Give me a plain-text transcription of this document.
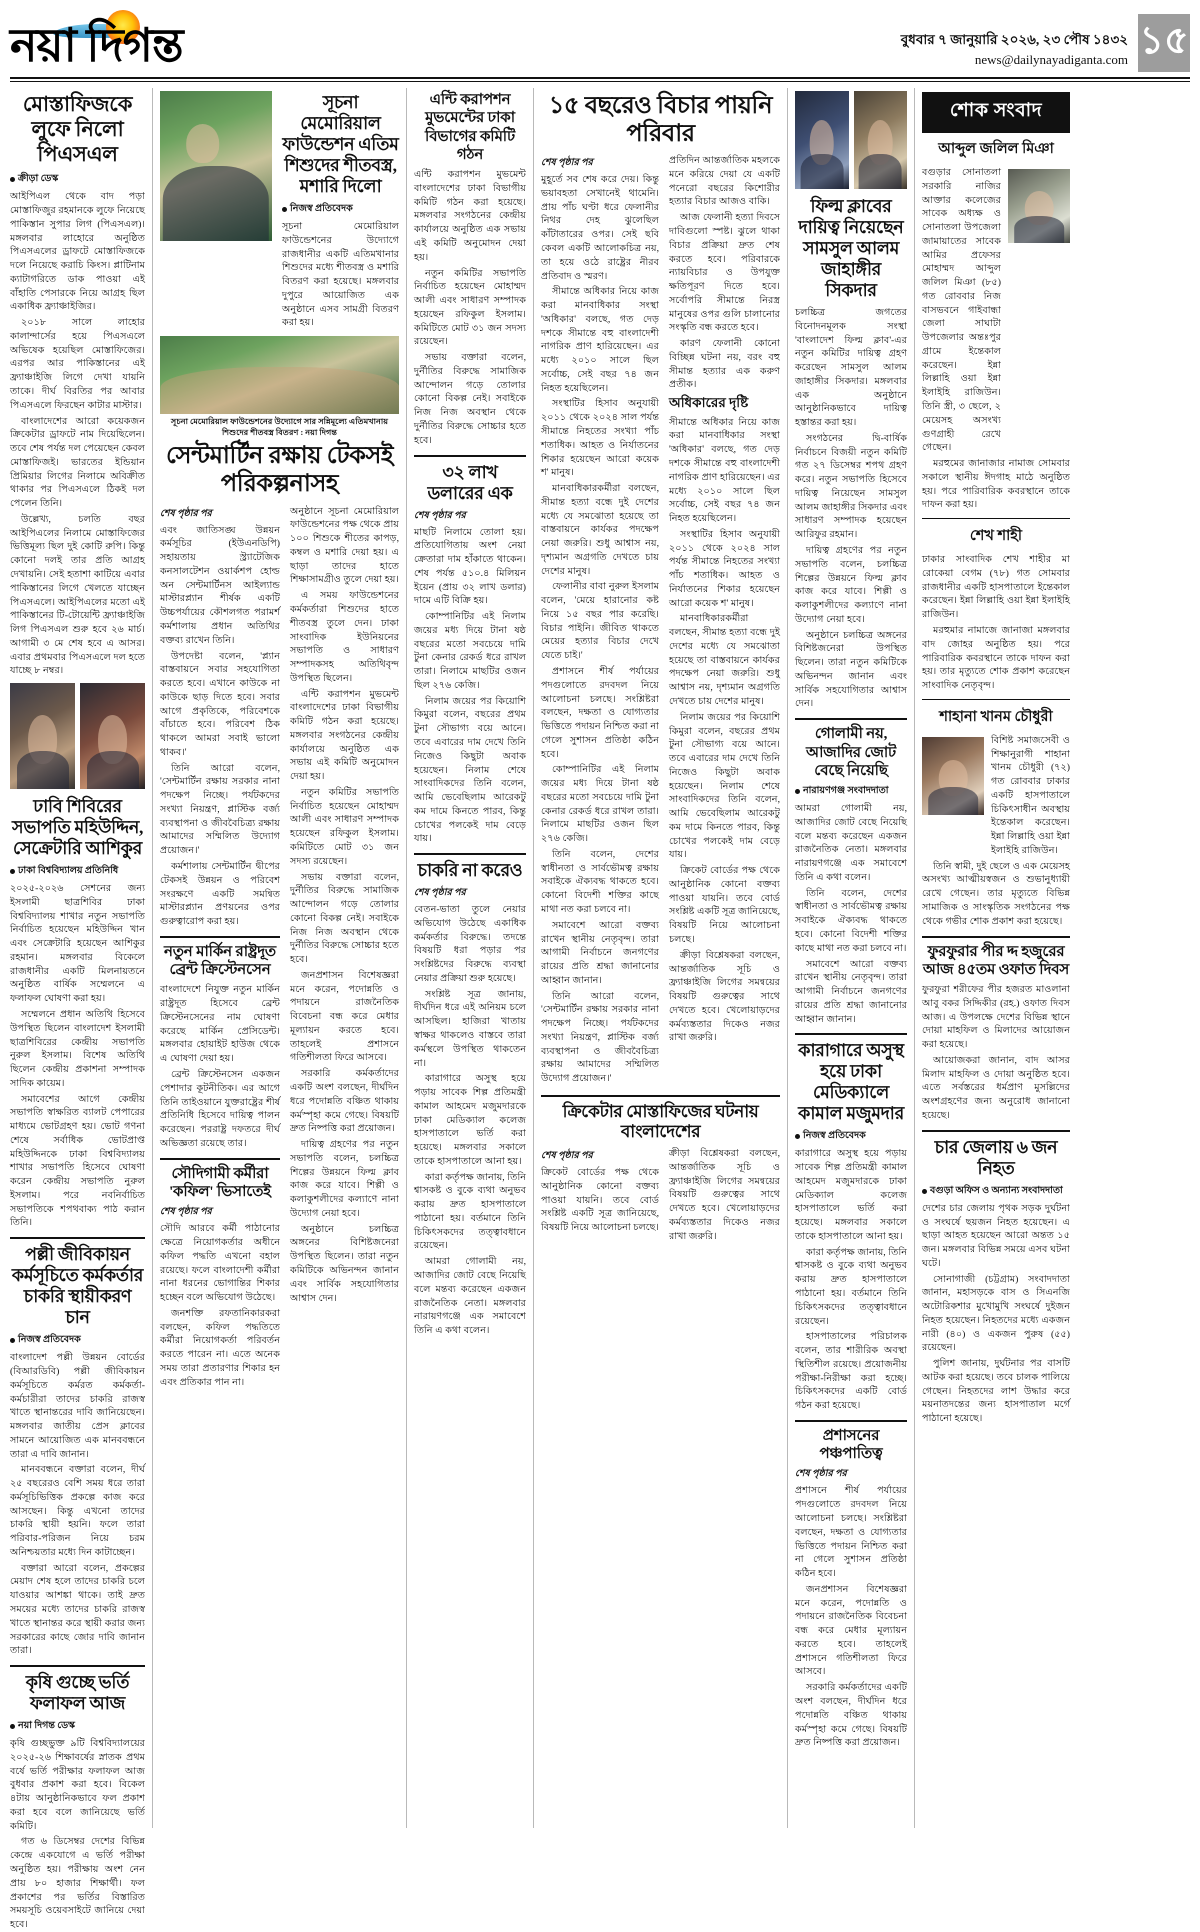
নয়া দিগন্ত	বুধবার ৭ জানুয়ারি ২০২৬, ২৩ পৌষ ১৪৩২
news@dailynayadiganta.com ১৫
মোস্তাফিজকে লুফে নিলো পিএসএল
ক্রীড়া ডেস্ক

আইপিএল থেকে বাদ পড়া মোস্তাফিজুর রহমানকে লুফে নিয়েছে পাকিস্তান সুপার লিগ (পিএসএল)। মঙ্গলবার লাহোরে অনুষ্ঠিত পিএসএলের ড্রাফটে মোস্তাফিজকে দলে নিয়েছে করাচি কিংস। প্লাটিনাম ক্যাটাগরিতে ডাক পাওয়া এই বাঁহাতি পেসারকে নিয়ে আগ্রহ ছিল একাধিক ফ্র্যাঞ্চাইজির।

২০১৮ সালে লাহোর কালান্দার্সের হয়ে পিএসএলে অভিষেক হয়েছিল মোস্তাফিজের। এরপর আর পাকিস্তানের এই ফ্র্যাঞ্চাইজি লিগে দেখা যায়নি তাকে। দীর্ঘ বিরতির পর আবার পিএসএলে ফিরছেন কাটার মাস্টার।

বাংলাদেশের আরো কয়েকজন ক্রিকেটার ড্রাফটে নাম দিয়েছিলেন। তবে শেষ পর্যন্ত দল পেয়েছেন কেবল মোস্তাফিজই। ভারতের ইন্ডিয়ান প্রিমিয়ার লিগের নিলামে অবিক্রীত থাকার পর পিএসএলে ঠিকই দল পেলেন তিনি।

উল্লেখ্য, চলতি বছর আইপিএলের নিলামে মোস্তাফিজের ভিত্তিমূল্য ছিল দুই কোটি রুপি। কিন্তু কোনো দলই তার প্রতি আগ্রহ দেখায়নি। সেই হতাশা কাটিয়ে এবার পাকিস্তানের লিগে খেলতে যাচ্ছেন পিএসএলে। আইপিএলের মতো এই পাকিস্তানের টি-টোয়েন্টি ফ্র্যাঞ্চাইজি লিগ পিএসএল শুরু হবে ২৬ মার্চ। আগামী ৩ মে শেষ হবে এ আসর। এবার প্রথমবার পিএসএলে দল হতে যাচ্ছে ৮ নম্বর।

ঢাবি শিবিরের সভাপতি মহিউদ্দিন, সেক্রেটারি আশিকুর
ঢাকা বিশ্ববিদ্যালয় প্রতিনিধি

২০২৫-২০২৬ সেশনের জন্য ইসলামী ছাত্রশিবির ঢাকা বিশ্ববিদ্যালয় শাখার নতুন সভাপতি নির্বাচিত হয়েছেন মহিউদ্দিন খান এবং সেক্রেটারি হয়েছেন আশিকুর রহমান। মঙ্গলবার বিকেলে রাজধানীর একটি মিলনায়তনে অনুষ্ঠিত বার্ষিক সম্মেলনে এ ফলাফল ঘোষণা করা হয়।

সম্মেলনে প্রধান অতিথি হিসেবে উপস্থিত ছিলেন বাংলাদেশ ইসলামী ছাত্রশিবিরের কেন্দ্রীয় সভাপতি নুরুল ইসলাম। বিশেষ অতিথি ছিলেন কেন্দ্রীয় প্রকাশনা সম্পাদক সাদিক কায়েম।

সমাবেশের আগে কেন্দ্রীয় সভাপতি স্বাক্ষরিত ব্যালট পেপারের মাধ্যমে ভোটগ্রহণ হয়। ভোট গণনা শেষে সর্বাধিক ভোটপ্রাপ্ত মহিউদ্দিনকে ঢাকা বিশ্ববিদ্যালয় শাখার সভাপতি হিসেবে ঘোষণা করেন কেন্দ্রীয় সভাপতি নুরুল ইসলাম। পরে নবনির্বাচিত সভাপতিকে শপথবাক্য পাঠ করান তিনি।

পল্লী জীবিকায়ন কর্মসূচিতে কর্মকর্তার চাকরি স্থায়ীকরণ চান
নিজস্ব প্রতিবেদক

বাংলাদেশ পল্লী উন্নয়ন বোর্ডের (বিআরডিবি) পল্লী জীবিকায়ন কর্মসূচিতে কর্মরত কর্মকর্তা-কর্মচারীরা তাদের চাকরি রাজস্ব খাতে স্থানান্তরের দাবি জানিয়েছেন। মঙ্গলবার জাতীয় প্রেস ক্লাবের সামনে আয়োজিত এক মানববন্ধনে তারা এ দাবি জানান।

মানববন্ধনে বক্তারা বলেন, দীর্ঘ ২৫ বছরেরও বেশি সময় ধরে তারা কর্মসূচিভিত্তিক প্রকল্পে কাজ করে আসছেন। কিন্তু এখনো তাদের চাকরি স্থায়ী হয়নি। ফলে তারা পরিবার-পরিজন নিয়ে চরম অনিশ্চয়তার মধ্যে দিন কাটাচ্ছেন।

বক্তারা আরো বলেন, প্রকল্পের মেয়াদ শেষ হলে তাদের চাকরি চলে যাওয়ার আশঙ্কা থাকে। তাই দ্রুত সময়ের মধ্যে তাদের চাকরি রাজস্ব খাতে স্থানান্তর করে স্থায়ী করার জন্য সরকারের কাছে জোর দাবি জানান তারা।

কৃষি গুচ্ছে ভর্তি ফলাফল আজ
নয়া দিগন্ত ডেস্ক

কৃষি গুচ্ছভুক্ত ৯টি বিশ্ববিদ্যালয়ের ২০২৫-২৬ শিক্ষাবর্ষের স্নাতক প্রথম বর্ষে ভর্তি পরীক্ষার ফলাফল আজ বুধবার প্রকাশ করা হবে। বিকেল ৪টায় আনুষ্ঠানিকভাবে ফল প্রকাশ করা হবে বলে জানিয়েছে ভর্তি কমিটি।

গত ৬ ডিসেম্বর দেশের বিভিন্ন কেন্দ্রে একযোগে এ ভর্তি পরীক্ষা অনুষ্ঠিত হয়। পরীক্ষায় অংশ নেন প্রায় ৮০ হাজার শিক্ষার্থী। ফল প্রকাশের পর ভর্তির বিস্তারিত সময়সূচি ওয়েবসাইটে জানিয়ে দেয়া হবে।

সূচনা মেমোরিয়াল ফাউন্ডেশন এতিম শিশুদের শীতবস্ত্র, মশারি দিলো
নিজস্ব প্রতিবেদক

সূচনা মেমোরিয়াল ফাউন্ডেশনের উদ্যোগে রাজধানীর একটি এতিমখানার শিশুদের মধ্যে শীতবস্ত্র ও মশারি বিতরণ করা হয়েছে। মঙ্গলবার দুপুরে আয়োজিত এক অনুষ্ঠানে এসব সামগ্রী বিতরণ করা হয়।

সূচনা মেমোরিয়াল ফাউন্ডেশনের উদ্যোগে সার সন্নিমূল্যে এতিমখানায় শিশুদের শীতবস্ত্র বিতরণ : নয়া দিগন্ত
সেন্টমার্টিন রক্ষায় টেকসই পরিকল্পনাসহ
শেষ পৃষ্ঠার পর

এবং জাতিসঙ্ঘ উন্নয়ন কর্মসূচির (ইউএনডিপি) সহায়তায় স্ট্র্যাটেজিক কনসালটেশন ওয়ার্কশপ হোল্ড অন সেন্টমার্টিনস আইল্যান্ড মাস্টারপ্ল্যান শীর্ষক একটি উচ্চপর্যায়ের কৌশলগত পরামর্শ কর্মশালায় প্রধান অতিথির বক্তব্য রাখেন তিনি।

উপদেষ্টা বলেন, 'প্ল্যান বাস্তবায়নে সবার সহযোগিতা করতে হবে। এখানে কাউকে না কাউকে ছাড় দিতে হবে। সবার আগে প্রকৃতিকে, পরিবেশকে বাঁচাতে হবে। পরিবেশ ঠিক থাকলে আমরা সবাই ভালো থাকব।'

তিনি আরো বলেন, 'সেন্টমার্টিন রক্ষায় সরকার নানা পদক্ষেপ নিচ্ছে। পর্যটকদের সংখ্যা নিয়ন্ত্রণ, প্লাস্টিক বর্জ্য ব্যবস্থাপনা ও জীববৈচিত্র্য রক্ষায় আমাদের সম্মিলিত উদ্যোগ প্রয়োজন।'

কর্মশালায় সেন্টমার্টিন দ্বীপের টেকসই উন্নয়ন ও পরিবেশ সংরক্ষণে একটি সমন্বিত মাস্টারপ্ল্যান প্রণয়নের ওপর গুরুত্বারোপ করা হয়।

নতুন মার্কিন রাষ্ট্রদূত ব্রেন্ট ক্রিস্টেনসেন

বাংলাদেশে নিযুক্ত নতুন মার্কিন রাষ্ট্রদূত হিসেবে ব্রেন্ট ক্রিস্টেনসেনের নাম ঘোষণা করেছে মার্কিন প্রেসিডেন্ট। মঙ্গলবার হোয়াইট হাউজ থেকে এ ঘোষণা দেয়া হয়।

ব্রেন্ট ক্রিস্টেনসেন একজন পেশাদার কূটনীতিক। এর আগে তিনি তাইওয়ানে যুক্তরাষ্ট্রের শীর্ষ প্রতিনিধি হিসেবে দায়িত্ব পালন করেছেন। পররাষ্ট্র দফতরে দীর্ঘ অভিজ্ঞতা রয়েছে তার।

সৌদিগামী কর্মীরা 'কফিল' ভিসাতেই
শেষ পৃষ্ঠার পর

সৌদি আরবে কর্মী পাঠানোর ক্ষেত্রে নিয়োগকর্তার অধীনে কফিল পদ্ধতি এখনো বহাল রয়েছে। ফলে বাংলাদেশী কর্মীরা নানা ধরনের ভোগান্তির শিকার হচ্ছেন বলে অভিযোগ উঠেছে।

জনশক্তি রফতানিকারকরা বলছেন, কফিল পদ্ধতিতে কর্মীরা নিয়োগকর্তা পরিবর্তন করতে পারেন না। এতে অনেক সময় তারা প্রতারণার শিকার হন এবং প্রতিকার পান না।

অনুষ্ঠানে সূচনা মেমোরিয়াল ফাউন্ডেশনের পক্ষ থেকে প্রায় ১০০ শিশুকে শীতের কাপড়, কম্বল ও মশারি দেয়া হয়। এ ছাড়া তাদের হাতে শিক্ষাসামগ্রীও তুলে দেয়া হয়।

এ সময় ফাউন্ডেশনের কর্মকর্তারা শিশুদের হাতে শীতবস্ত্র তুলে দেন। ঢাকা সাংবাদিক ইউনিয়নের সভাপতি ও সাধারণ সম্পাদকসহ অতিথিবৃন্দ উপস্থিত ছিলেন।

এন্টি করাপশন মুভমেন্ট বাংলাদেশের ঢাকা বিভাগীয় কমিটি গঠন করা হয়েছে। মঙ্গলবার সংগঠনের কেন্দ্রীয় কার্যালয়ে অনুষ্ঠিত এক সভায় এই কমিটি অনুমোদন দেয়া হয়।

নতুন কমিটির সভাপতি নির্বাচিত হয়েছেন মোহাম্মদ আলী এবং সাধারণ সম্পাদক হয়েছেন রফিকুল ইসলাম। কমিটিতে মোট ৩১ জন সদস্য রয়েছেন।

সভায় বক্তারা বলেন, দুর্নীতির বিরুদ্ধে সামাজিক আন্দোলন গড়ে তোলার কোনো বিকল্প নেই। সবাইকে নিজ নিজ অবস্থান থেকে দুর্নীতির বিরুদ্ধে সোচ্চার হতে হবে।

জনপ্রশাসন বিশেষজ্ঞরা মনে করেন, পদোন্নতি ও পদায়নে রাজনৈতিক বিবেচনা বন্ধ করে মেধার মূল্যায়ন করতে হবে। তাহলেই প্রশাসনে গতিশীলতা ফিরে আসবে।

সরকারি কর্মকর্তাদের একটি অংশ বলছেন, দীর্ঘদিন ধরে পদোন্নতি বঞ্চিত থাকায় কর্মস্পৃহা কমে গেছে। বিষয়টি দ্রুত নিষ্পত্তি করা প্রয়োজন।

দায়িত্ব গ্রহণের পর নতুন সভাপতি বলেন, চলচ্চিত্র শিল্পের উন্নয়নে ফিল্ম ক্লাব কাজ করে যাবে। শিল্পী ও কলাকুশলীদের কল্যাণে নানা উদ্যোগ নেয়া হবে।

অনুষ্ঠানে চলচ্চিত্র অঙ্গনের বিশিষ্টজনেরা উপস্থিত ছিলেন। তারা নতুন কমিটিকে অভিনন্দন জানান এবং সার্বিক সহযোগিতার আশ্বাস দেন।

এন্টি করাপশন মুভমেন্টের ঢাকা বিভাগের কমিটি গঠন

এন্টি করাপশন মুভমেন্ট বাংলাদেশের ঢাকা বিভাগীয় কমিটি গঠন করা হয়েছে। মঙ্গলবার সংগঠনের কেন্দ্রীয় কার্যালয়ে অনুষ্ঠিত এক সভায় এই কমিটি অনুমোদন দেয়া হয়।

নতুন কমিটির সভাপতি নির্বাচিত হয়েছেন মোহাম্মদ আলী এবং সাধারণ সম্পাদক হয়েছেন রফিকুল ইসলাম। কমিটিতে মোট ৩১ জন সদস্য রয়েছেন।

সভায় বক্তারা বলেন, দুর্নীতির বিরুদ্ধে সামাজিক আন্দোলন গড়ে তোলার কোনো বিকল্প নেই। সবাইকে নিজ নিজ অবস্থান থেকে দুর্নীতির বিরুদ্ধে সোচ্চার হতে হবে।

৩২ লাখ ডলারের এক
শেষ পৃষ্ঠার পর

মাছটি নিলামে তোলা হয়। প্রতিযোগিতায় অংশ নেয়া ক্রেতারা দাম হাঁকাতে থাকেন। শেষ পর্যন্ত ৫১০.৪ মিলিয়ন ইয়েন (প্রায় ৩২ লাখ ডলার) দামে এটি বিক্রি হয়।

কোম্পানিটির এই নিলাম জয়ের মধ্য দিয়ে টানা ষষ্ঠ বছরের মতো সবচেয়ে দামি টুনা কেনার রেকর্ড ধরে রাখল তারা। নিলামে মাছটির ওজন ছিল ২৭৬ কেজি।

নিলাম জয়ের পর কিয়োশি কিমুরা বলেন, বছরের প্রথম টুনা সৌভাগ্য বয়ে আনে। তবে এবারের দাম দেখে তিনি নিজেও কিছুটা অবাক হয়েছেন। নিলাম শেষে সাংবাদিকদের তিনি বলেন, আমি ভেবেছিলাম আরেকটু কম দামে কিনতে পারব, কিন্তু চোখের পলকেই দাম বেড়ে যায়।

চাকরি না করেও
শেষ পৃষ্ঠার পর

বেতন-ভাতা তুলে নেয়ার অভিযোগ উঠেছে একাধিক কর্মকর্তার বিরুদ্ধে। তদন্তে বিষয়টি ধরা পড়ার পর সংশ্লিষ্টদের বিরুদ্ধে ব্যবস্থা নেয়ার প্রক্রিয়া শুরু হয়েছে।

সংশ্লিষ্ট সূত্র জানায়, দীর্ঘদিন ধরে এই অনিয়ম চলে আসছিল। হাজিরা খাতায় স্বাক্ষর থাকলেও বাস্তবে তারা কর্মস্থলে উপস্থিত থাকতেন না।

কারাগারে অসুস্থ হয়ে পড়ায় সাবেক শিল্প প্রতিমন্ত্রী কামাল আহমেদ মজুমদারকে ঢাকা মেডিক্যাল কলেজ হাসপাতালে ভর্তি করা হয়েছে। মঙ্গলবার সকালে তাকে হাসপাতালে আনা হয়।

কারা কর্তৃপক্ষ জানায়, তিনি শ্বাসকষ্ট ও বুকে ব্যথা অনুভব করায় দ্রুত হাসপাতালে পাঠানো হয়। বর্তমানে তিনি চিকিৎসকদের তত্ত্বাবধানে রয়েছেন।

আমরা গোলামী নয়, আজাদির জোট বেছে নিয়েছি বলে মন্তব্য করেছেন একজন রাজনৈতিক নেতা। মঙ্গলবার নারায়ণগঞ্জে এক সমাবেশে তিনি এ কথা বলেন।

১৫ বছরেও বিচার পায়নি পরিবার
শেষ পৃষ্ঠার পর

মুহূর্তে সব শেষ করে দেয়। কিন্তু ভয়াবহতা সেখানেই থামেনি। প্রায় পাঁচ ঘণ্টা ধরে ফেলানীর নিথর দেহ ঝুলেছিল কাঁটাতারের ওপর। সেই ছবি কেবল একটি আলোকচিত্র নয়, তা হয়ে ওঠে রাষ্ট্রের নীরব প্রতিবাদ ও স্মরণ।

সীমান্তে অধিকার নিয়ে কাজ করা মানবাধিকার সংস্থা 'অধিকার' বলছে, গত দেড় দশকে সীমান্তে বহু বাংলাদেশী নাগরিক প্রাণ হারিয়েছেন। এর মধ্যে ২০১০ সালে ছিল সর্বোচ্চ, সেই বছর ৭৪ জন নিহত হয়েছিলেন।

সংস্থাটির হিসাব অনুযায়ী ২০১১ থেকে ২০২৪ সাল পর্যন্ত সীমান্তে নিহতের সংখ্যা পাঁচ শতাধিক। আহত ও নির্যাতনের শিকার হয়েছেন আরো কয়েক শ' মানুষ।

মানবাধিকারকর্মীরা বলছেন, সীমান্ত হত্যা বন্ধে দুই দেশের মধ্যে যে সমঝোতা হয়েছে তা বাস্তবায়নে কার্যকর পদক্ষেপ নেয়া জরুরি। শুধু আশ্বাস নয়, দৃশ্যমান অগ্রগতি দেখতে চায় দেশের মানুষ।

ফেলানীর বাবা নুরুল ইসলাম বলেন, 'মেয়ে হারানোর কষ্ট নিয়ে ১৫ বছর পার করেছি। বিচার পাইনি। জীবিত থাকতে মেয়ের হত্যার বিচার দেখে যেতে চাই।'

প্রশাসনে শীর্ষ পর্যায়ের পদগুলোতে রদবদল নিয়ে আলোচনা চলছে। সংশ্লিষ্টরা বলছেন, দক্ষতা ও যোগ্যতার ভিত্তিতে পদায়ন নিশ্চিত করা না গেলে সুশাসন প্রতিষ্ঠা কঠিন হবে।

কোম্পানিটির এই নিলাম জয়ের মধ্য দিয়ে টানা ষষ্ঠ বছরের মতো সবচেয়ে দামি টুনা কেনার রেকর্ড ধরে রাখল তারা। নিলামে মাছটির ওজন ছিল ২৭৬ কেজি।

তিনি বলেন, দেশের স্বাধীনতা ও সার্বভৌমত্ব রক্ষায় সবাইকে ঐক্যবদ্ধ থাকতে হবে। কোনো বিদেশী শক্তির কাছে মাথা নত করা চলবে না।

সমাবেশে আরো বক্তব্য রাখেন স্থানীয় নেতৃবৃন্দ। তারা আগামী নির্বাচনে জনগণের রায়ের প্রতি শ্রদ্ধা জানানোর আহ্বান জানান।

তিনি আরো বলেন, 'সেন্টমার্টিন রক্ষায় সরকার নানা পদক্ষেপ নিচ্ছে। পর্যটকদের সংখ্যা নিয়ন্ত্রণ, প্লাস্টিক বর্জ্য ব্যবস্থাপনা ও জীববৈচিত্র্য রক্ষায় আমাদের সম্মিলিত উদ্যোগ প্রয়োজন।'

প্রতিদিন আন্তর্জাতিক মহলকে মনে করিয়ে দেয়া যে একটি পনেরো বছরের কিশোরীর হত্যার বিচার আজও বাকি।

আজ ফেলানী হত্যা দিবসে দাবিগুলো স্পষ্ট। ঝুলে থাকা বিচার প্রক্রিয়া দ্রুত শেষ করতে হবে। পরিবারকে ন্যায়বিচার ও উপযুক্ত ক্ষতিপূরণ দিতে হবে। সর্বোপরি সীমান্তে নিরস্ত্র মানুষের ওপর গুলি চালানোর সংস্কৃতি বন্ধ করতে হবে।

কারণ ফেলানী কোনো বিচ্ছিন্ন ঘটনা নয়, বরং বহু সীমান্ত হত্যার এক করুণ প্রতীক।

অধিকারের দৃষ্টি

সীমান্তে অধিকার নিয়ে কাজ করা মানবাধিকার সংস্থা 'অধিকার' বলছে, গত দেড় দশকে সীমান্তে বহু বাংলাদেশী নাগরিক প্রাণ হারিয়েছেন। এর মধ্যে ২০১০ সালে ছিল সর্বোচ্চ, সেই বছর ৭৪ জন নিহত হয়েছিলেন।

সংস্থাটির হিসাব অনুযায়ী ২০১১ থেকে ২০২৪ সাল পর্যন্ত সীমান্তে নিহতের সংখ্যা পাঁচ শতাধিক। আহত ও নির্যাতনের শিকার হয়েছেন আরো কয়েক শ' মানুষ।

মানবাধিকারকর্মীরা বলছেন, সীমান্ত হত্যা বন্ধে দুই দেশের মধ্যে যে সমঝোতা হয়েছে তা বাস্তবায়নে কার্যকর পদক্ষেপ নেয়া জরুরি। শুধু আশ্বাস নয়, দৃশ্যমান অগ্রগতি দেখতে চায় দেশের মানুষ।

নিলাম জয়ের পর কিয়োশি কিমুরা বলেন, বছরের প্রথম টুনা সৌভাগ্য বয়ে আনে। তবে এবারের দাম দেখে তিনি নিজেও কিছুটা অবাক হয়েছেন। নিলাম শেষে সাংবাদিকদের তিনি বলেন, আমি ভেবেছিলাম আরেকটু কম দামে কিনতে পারব, কিন্তু চোখের পলকেই দাম বেড়ে যায়।

ক্রিকেট বোর্ডের পক্ষ থেকে আনুষ্ঠানিক কোনো বক্তব্য পাওয়া যায়নি। তবে বোর্ড সংশ্লিষ্ট একটি সূত্র জানিয়েছে, বিষয়টি নিয়ে আলোচনা চলছে।

ক্রীড়া বিশ্লেষকরা বলছেন, আন্তর্জাতিক সূচি ও ফ্র্যাঞ্চাইজি লিগের সমন্বয়ের বিষয়টি গুরুত্বের সাথে দেখতে হবে। খেলোয়াড়দের কর্মব্যস্ততার দিকেও নজর রাখা জরুরি।

ক্রিকেটার মোস্তাফিজের ঘটনায় বাংলাদেশের
শেষ পৃষ্ঠার পর

ক্রিকেট বোর্ডের পক্ষ থেকে আনুষ্ঠানিক কোনো বক্তব্য পাওয়া যায়নি। তবে বোর্ড সংশ্লিষ্ট একটি সূত্র জানিয়েছে, বিষয়টি নিয়ে আলোচনা চলছে।

ক্রীড়া বিশ্লেষকরা বলছেন, আন্তর্জাতিক সূচি ও ফ্র্যাঞ্চাইজি লিগের সমন্বয়ের বিষয়টি গুরুত্বের সাথে দেখতে হবে। খেলোয়াড়দের কর্মব্যস্ততার দিকেও নজর রাখা জরুরি।

ফিল্ম ক্লাবের দায়িত্ব নিয়েছেন সামসুল আলম জাহাঙ্গীর সিকদার

চলচ্চিত্র জগতের বিনোদনমূলক সংস্থা 'বাংলাদেশ ফিল্ম ক্লাব'-এর নতুন কমিটির দায়িত্ব গ্রহণ করেছেন সামসুল আলম জাহাঙ্গীর সিকদার। মঙ্গলবার এক অনুষ্ঠানে আনুষ্ঠানিকভাবে দায়িত্ব হস্তান্তর করা হয়।

সংগঠনের দ্বি-বার্ষিক নির্বাচনে বিজয়ী নতুন কমিটি গত ২৭ ডিসেম্বর শপথ গ্রহণ করে। নতুন সভাপতি হিসেবে দায়িত্ব নিয়েছেন সামসুল আলম জাহাঙ্গীর সিকদার এবং সাধারণ সম্পাদক হয়েছেন আরিফুর রহমান।

দায়িত্ব গ্রহণের পর নতুন সভাপতি বলেন, চলচ্চিত্র শিল্পের উন্নয়নে ফিল্ম ক্লাব কাজ করে যাবে। শিল্পী ও কলাকুশলীদের কল্যাণে নানা উদ্যোগ নেয়া হবে।

অনুষ্ঠানে চলচ্চিত্র অঙ্গনের বিশিষ্টজনেরা উপস্থিত ছিলেন। তারা নতুন কমিটিকে অভিনন্দন জানান এবং সার্বিক সহযোগিতার আশ্বাস দেন।

গোলামী নয়, আজাদির জোট বেছে নিয়েছি
নারায়ণগঞ্জ সংবাদদাতা

আমরা গোলামী নয়, আজাদির জোট বেছে নিয়েছি বলে মন্তব্য করেছেন একজন রাজনৈতিক নেতা। মঙ্গলবার নারায়ণগঞ্জে এক সমাবেশে তিনি এ কথা বলেন।

তিনি বলেন, দেশের স্বাধীনতা ও সার্বভৌমত্ব রক্ষায় সবাইকে ঐক্যবদ্ধ থাকতে হবে। কোনো বিদেশী শক্তির কাছে মাথা নত করা চলবে না।

সমাবেশে আরো বক্তব্য রাখেন স্থানীয় নেতৃবৃন্দ। তারা আগামী নির্বাচনে জনগণের রায়ের প্রতি শ্রদ্ধা জানানোর আহ্বান জানান।

কারাগারে অসুস্থ হয়ে ঢাকা মেডিক্যালে কামাল মজুমদার
নিজস্ব প্রতিবেদক

কারাগারে অসুস্থ হয়ে পড়ায় সাবেক শিল্প প্রতিমন্ত্রী কামাল আহমেদ মজুমদারকে ঢাকা মেডিক্যাল কলেজ হাসপাতালে ভর্তি করা হয়েছে। মঙ্গলবার সকালে তাকে হাসপাতালে আনা হয়।

কারা কর্তৃপক্ষ জানায়, তিনি শ্বাসকষ্ট ও বুকে ব্যথা অনুভব করায় দ্রুত হাসপাতালে পাঠানো হয়। বর্তমানে তিনি চিকিৎসকদের তত্ত্বাবধানে রয়েছেন।

হাসপাতালের পরিচালক বলেন, তার শারীরিক অবস্থা স্থিতিশীল রয়েছে। প্রয়োজনীয় পরীক্ষা-নিরীক্ষা করা হচ্ছে। চিকিৎসকদের একটি বোর্ড গঠন করা হয়েছে।

প্রশাসনের পঞ্চপাতিত্ব
শেষ পৃষ্ঠার পর

প্রশাসনে শীর্ষ পর্যায়ের পদগুলোতে রদবদল নিয়ে আলোচনা চলছে। সংশ্লিষ্টরা বলছেন, দক্ষতা ও যোগ্যতার ভিত্তিতে পদায়ন নিশ্চিত করা না গেলে সুশাসন প্রতিষ্ঠা কঠিন হবে।

জনপ্রশাসন বিশেষজ্ঞরা মনে করেন, পদোন্নতি ও পদায়নে রাজনৈতিক বিবেচনা বন্ধ করে মেধার মূল্যায়ন করতে হবে। তাহলেই প্রশাসনে গতিশীলতা ফিরে আসবে।

সরকারি কর্মকর্তাদের একটি অংশ বলছেন, দীর্ঘদিন ধরে পদোন্নতি বঞ্চিত থাকায় কর্মস্পৃহা কমে গেছে। বিষয়টি দ্রুত নিষ্পত্তি করা প্রয়োজন।

শোক সংবাদ
আব্দুল জলিল মিঞা

বগুড়ার সোনাতলা সরকারি নাজির আক্তার কলেজের সাবেক অধ্যক্ষ ও সোনাতলা উপজেলা জামায়াতের সাবেক আমির প্রফেসর মোহাম্মদ আব্দুল জলিল মিঞা (৮৫) গত রোববার নিজ বাসভবনে গাইবান্ধা জেলা সাঘাটা উপজেলার অন্তঃপুর গ্রামে ইন্তেকাল করেছেন। ইন্না লিল্লাহি ওয়া ইন্না ইলাইহি রাজিউন। তিনি স্ত্রী, ৩ ছেলে, ২ মেয়েসহ অসংখ্য গুণগ্রাহী রেখে গেছেন।

মরহুমের জানাজার নামাজ সোমবার সকালে স্থানীয় ঈদগাহ মাঠে অনুষ্ঠিত হয়। পরে পারিবারিক কবরস্থানে তাকে দাফন করা হয়।

শেখ শাহী

ঢাকার সাংবাদিক শেখ শাহীর মা রোকেয়া বেগম (৭৮) গত সোমবার রাজধানীর একটি হাসপাতালে ইন্তেকাল করেছেন। ইন্না লিল্লাহি ওয়া ইন্না ইলাইহি রাজিউন।

মরহুমার নামাজে জানাজা মঙ্গলবার বাদ জোহর অনুষ্ঠিত হয়। পরে পারিবারিক কবরস্থানে তাকে দাফন করা হয়। তার মৃত্যুতে শোক প্রকাশ করেছেন সাংবাদিক নেতৃবৃন্দ।

শাহানা খানম চৌধুরী

বিশিষ্ট সমাজসেবী ও শিক্ষানুরাগী শাহানা খানম চৌধুরী (৭২) গত রোববার ঢাকার একটি হাসপাতালে চিকিৎসাধীন অবস্থায় ইন্তেকাল করেছেন। ইন্না লিল্লাহি ওয়া ইন্না ইলাইহি রাজিউন।

তিনি স্বামী, দুই ছেলে ও এক মেয়েসহ অসংখ্য আত্মীয়স্বজন ও শুভানুধ্যায়ী রেখে গেছেন। তার মৃত্যুতে বিভিন্ন সামাজিক ও সাংস্কৃতিক সংগঠনের পক্ষ থেকে গভীর শোক প্রকাশ করা হয়েছে।

ফুরফুরার পীর দ্দ হজুরের আজ ৪৫তম ওফাত দিবস

ফুরফুরা শরীফের পীর হজরত মাওলানা আবু বকর সিদ্দিকীর (রহ.) ওফাত দিবস আজ। এ উপলক্ষে দেশের বিভিন্ন স্থানে দোয়া মাহফিল ও মিলাদের আয়োজন করা হয়েছে।

আয়োজকরা জানান, বাদ আসর মিলাদ মাহফিল ও দোয়া অনুষ্ঠিত হবে। এতে সর্বস্তরের ধর্মপ্রাণ মুসল্লিদের অংশগ্রহণের জন্য অনুরোধ জানানো হয়েছে।

চার জেলায় ৬ জন নিহত
বগুড়া অফিস ও অন্যান্য সংবাদদাতা

দেশের চার জেলায় পৃথক সড়ক দুর্ঘটনা ও সংঘর্ষে ছয়জন নিহত হয়েছেন। এ ছাড়া আহত হয়েছেন আরো অন্তত ১৫ জন। মঙ্গলবার বিভিন্ন সময়ে এসব ঘটনা ঘটে।

সোনাগাজী (চট্টগ্রাম) সংবাদদাতা জানান, মহাসড়কে বাস ও সিএনজি অটোরিকশার মুখোমুখি সংঘর্ষে দুইজন নিহত হয়েছেন। নিহতদের মধ্যে একজন নারী (৪০) ও একজন পুরুষ (৫৫) রয়েছেন।

পুলিশ জানায়, দুর্ঘটনার পর বাসটি আটক করা হয়েছে। তবে চালক পালিয়ে গেছেন। নিহতদের লাশ উদ্ধার করে ময়নাতদন্তের জন্য হাসপাতাল মর্গে পাঠানো হয়েছে।
